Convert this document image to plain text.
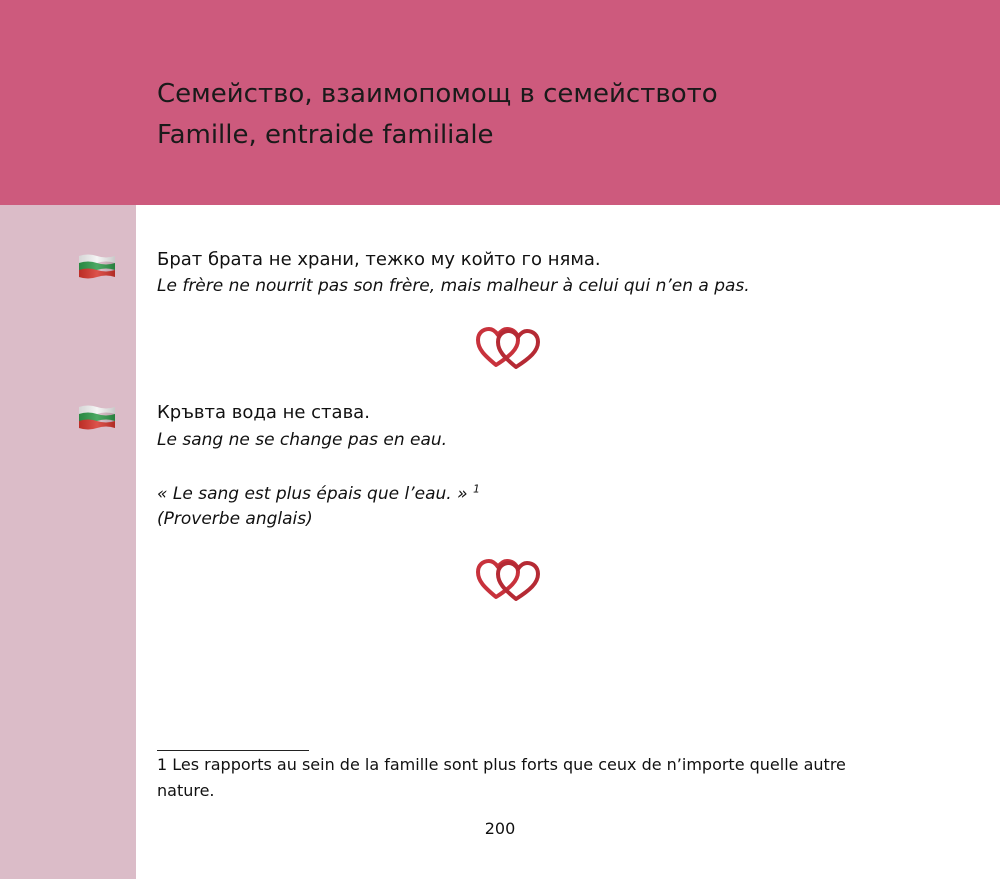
Семейство, взаимопомощ в семейството
Famille, entraide familiale
Брат брата не храни, тежко му който го няма.
Le frère ne nourrit pas son frère, mais malheur à celui qui n’en a pas.
Кръвта вода не става.
Le sang ne se change pas en eau.
« Le sang est plus épais que l’eau. » $^1$
(Proverbe anglais)
1 Les rapports au sein de la famille sont plus forts que ceux de n’importe quelle autre nature.
200
